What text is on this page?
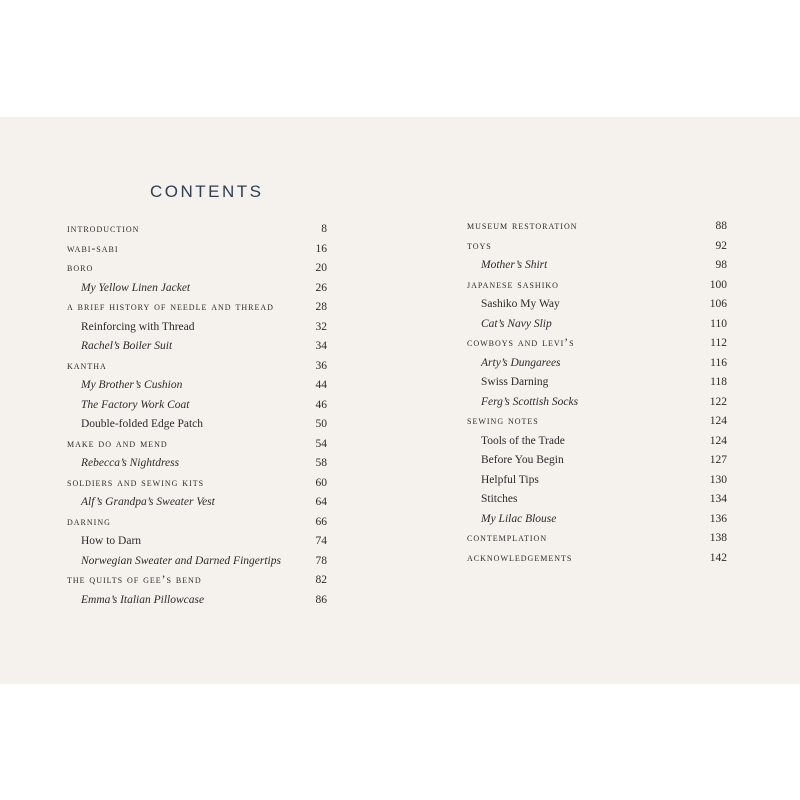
CONTENTS
introduction	8
wabi-sabi	16
boro	20
My Yellow Linen Jacket	26
a brief history of needle and thread	28
Reinforcing with Thread	32
Rachel’s Boiler Suit	34
kantha	36
My Brother’s Cushion	44
The Factory Work Coat	46
Double-folded Edge Patch	50
make do and mend	54
Rebecca’s Nightdress	58
soldiers and sewing kits	60
Alf’s Grandpa’s Sweater Vest	64
darning	66
How to Darn	74
Norwegian Sweater and Darned Fingertips	78
the quilts of gee’s bend	82
Emma’s Italian Pillowcase	86
museum restoration	88
toys	92
Mother’s Shirt	98
japanese sashiko	100
Sashiko My Way	106
Cat’s Navy Slip	110
cowboys and levi’s	112
Arty’s Dungarees	116
Swiss Darning	118
Ferg’s Scottish Socks	122
sewing notes	124
Tools of the Trade	124
Before You Begin	127
Helpful Tips	130
Stitches	134
My Lilac Blouse	136
contemplation	138
acknowledgements	142
